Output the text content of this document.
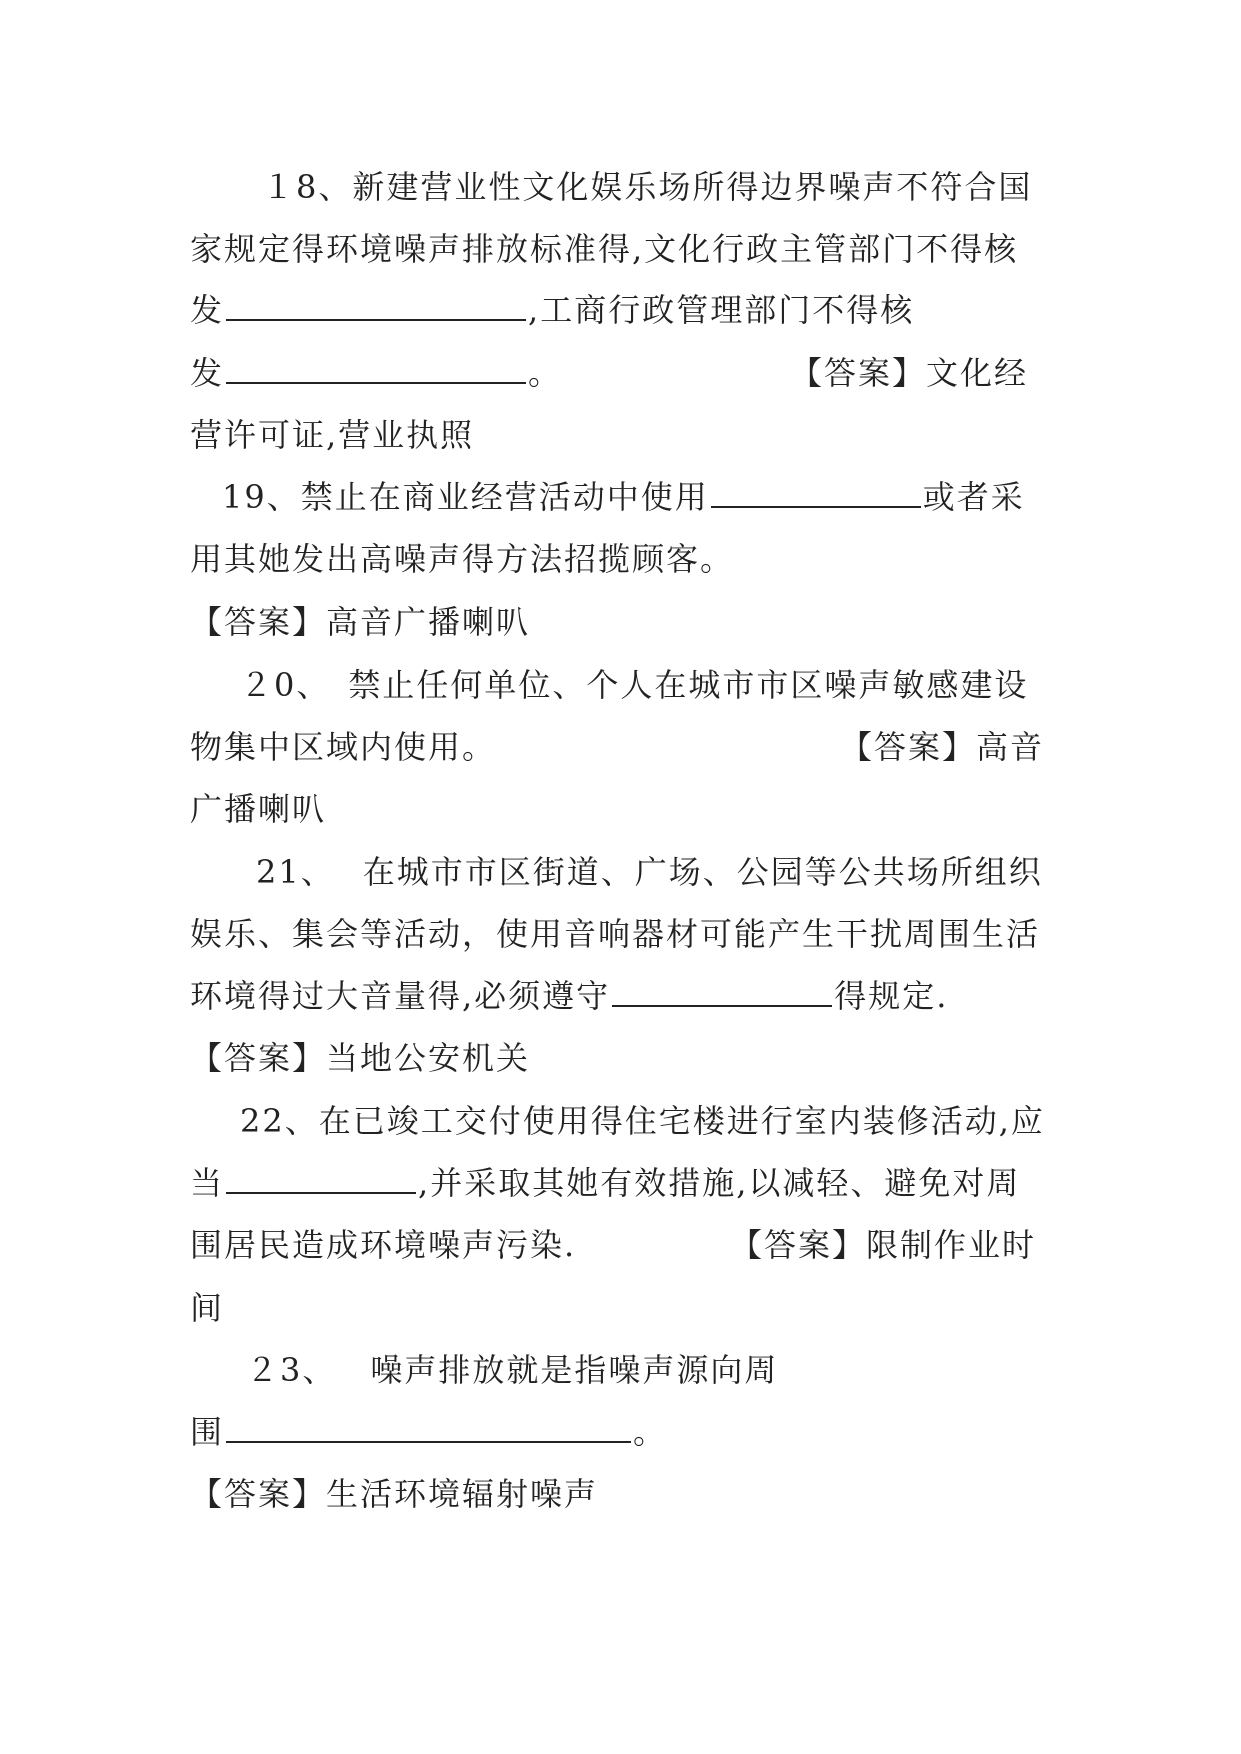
１8、新建营业性文化娱乐场所得边界噪声不符合国
家规定得环境噪声排放标准得,文化行政主管部门不得核
发	,工商行政管理部门不得核
发	。	【答案】文化经
营许可证,营业执照
19、禁止在商业经营活动中使用	或者采
用其她发出高噪声得方法招揽顾客。
【答案】高音广播喇叭
２0、 禁止任何单位、个人在城市市区噪声敏感建设
物集中区域内使用。	【答案】高音
广播喇叭
21、 在城市市区街道、广场、公园等公共场所组织
娱乐、集会等活动，使用音响器材可能产生干扰周围生活
环境得过大音量得,必须遵守	得规定.
【答案】当地公安机关
22、在已竣工交付使用得住宅楼进行室内装修活动,应
当	,并采取其她有效措施,以减轻、避免对周
围居民造成环境噪声污染.	【答案】限制作业时
间
２3、 噪声排放就是指噪声源向周
围	。
【答案】生活环境辐射噪声
